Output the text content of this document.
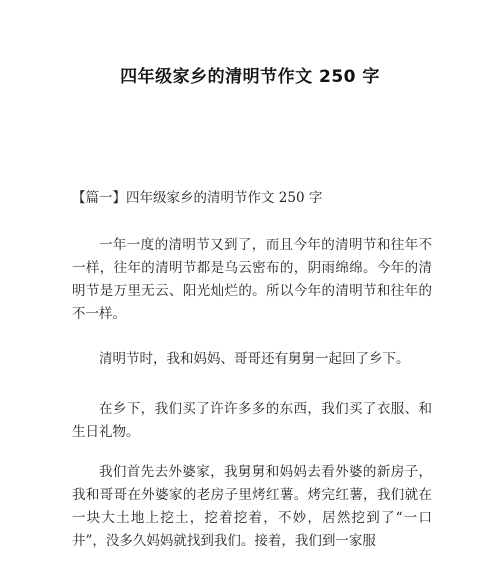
四年级家乡的清明节作文 250 字
【篇一】四年级家乡的清明节作文 250 字

一年一度的清明节又到了，而且今年的清明节和往年不一样，往年的清明节都是乌云密布的，阴雨绵绵。今年的清明节是万里无云、阳光灿烂的。所以今年的清明节和往年的不一样。

清明节时，我和妈妈、哥哥还有舅舅一起回了乡下。

在乡下，我们买了许许多多的东西，我们买了衣服、和生日礼物。

我们首先去外婆家，我舅舅和妈妈去看外婆的新房子，我和哥哥在外婆家的老房子里烤红薯。烤完红薯，我们就在一块大土地上挖土，挖着挖着，不妙，居然挖到了“一口井”，没多久妈妈就找到我们。接着，我们到一家服
